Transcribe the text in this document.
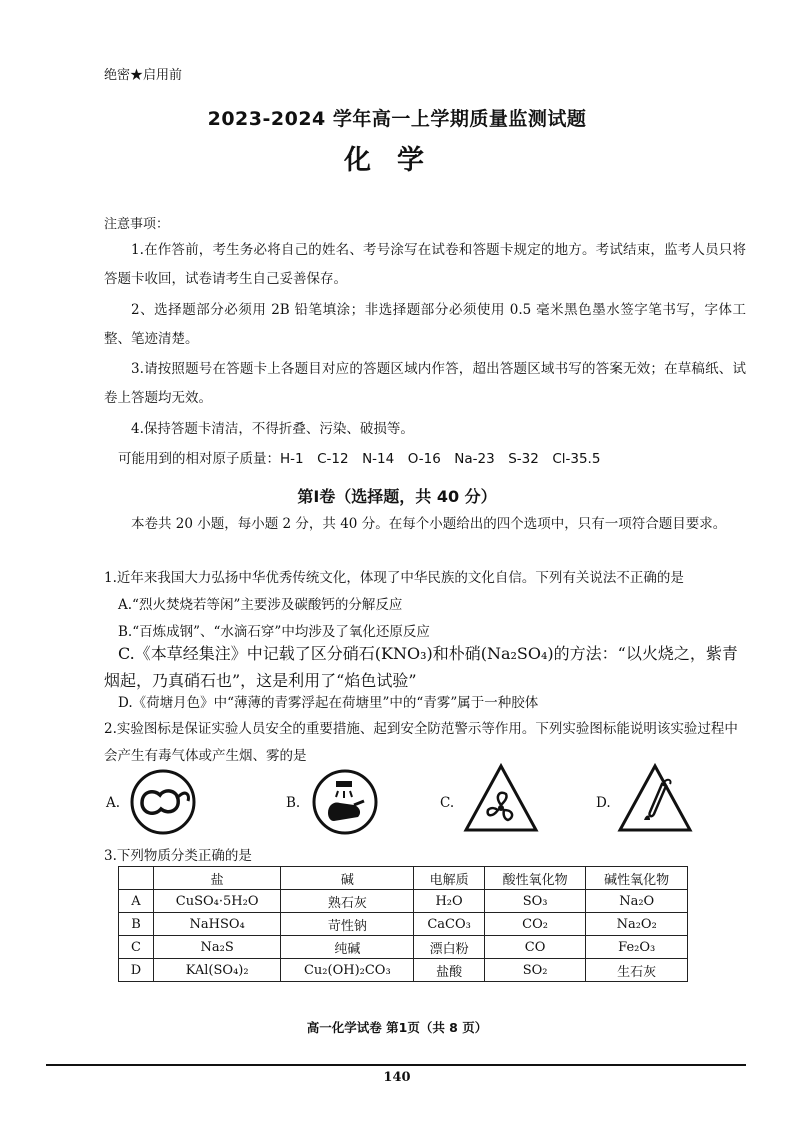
绝密★启用前
2023-2024 学年高一上学期质量监测试题
化学
注意事项：
1.在作答前，考生务必将自己的姓名、考号涂写在试卷和答题卡规定的地方。考试结束，监考人员只将答题卡收回，试卷请考生自己妥善保存。
2、选择题部分必须用 2B 铅笔填涂；非选择题部分必须使用 0.5 毫米黑色墨水签字笔书写，字体工整、笔迹清楚。
3.请按照题号在答题卡上各题目对应的答题区域内作答，超出答题区域书写的答案无效；在草稿纸、试卷上答题均无效。
4.保持答题卡清洁，不得折叠、污染、破损等。
可能用到的相对原子质量：H-1　C-12　N-14　O-16　Na-23　S-32　Cl-35.5
第Ⅰ卷（选择题，共 40 分）
本卷共 20 小题，每小题 2 分，共 40 分。在每个小题给出的四个选项中，只有一项符合题目要求。
1.近年来我国大力弘扬中华优秀传统文化，体现了中华民族的文化自信。下列有关说法不正确的是
A.“烈火焚烧若等闲”主要涉及碳酸钙的分解反应
B.“百炼成钢”、“水滴石穿”中均涉及了氧化还原反应
C.《本草经集注》中记载了区分硝石(KNO₃)和朴硝(Na₂SO₄)的方法：“以火烧之，紫青烟起，乃真硝石也”，这是利用了“焰色试验”
D.《荷塘月色》中“薄薄的青雾浮起在荷塘里”中的“青雾”属于一种胶体
2.实验图标是保证实验人员安全的重要措施、起到安全防范警示等作用。下列实验图标能说明该实验过程中会产生有毒气体或产生烟、雾的是
A.	B.	C.	D.
3.下列物质分类正确的是
	盐	碱	电解质	酸性氧化物	碱性氧化物
A	CuSO₄·5H₂O	熟石灰	H₂O	SO₃	Na₂O
B	NaHSO₄	苛性钠	CaCO₃	CO₂	Na₂O₂
C	Na₂S	纯碱	漂白粉	CO	Fe₂O₃
D	KAl(SO₄)₂	Cu₂(OH)₂CO₃	盐酸	SO₂	生石灰
高一化学试卷 第1页（共 8 页）
140
